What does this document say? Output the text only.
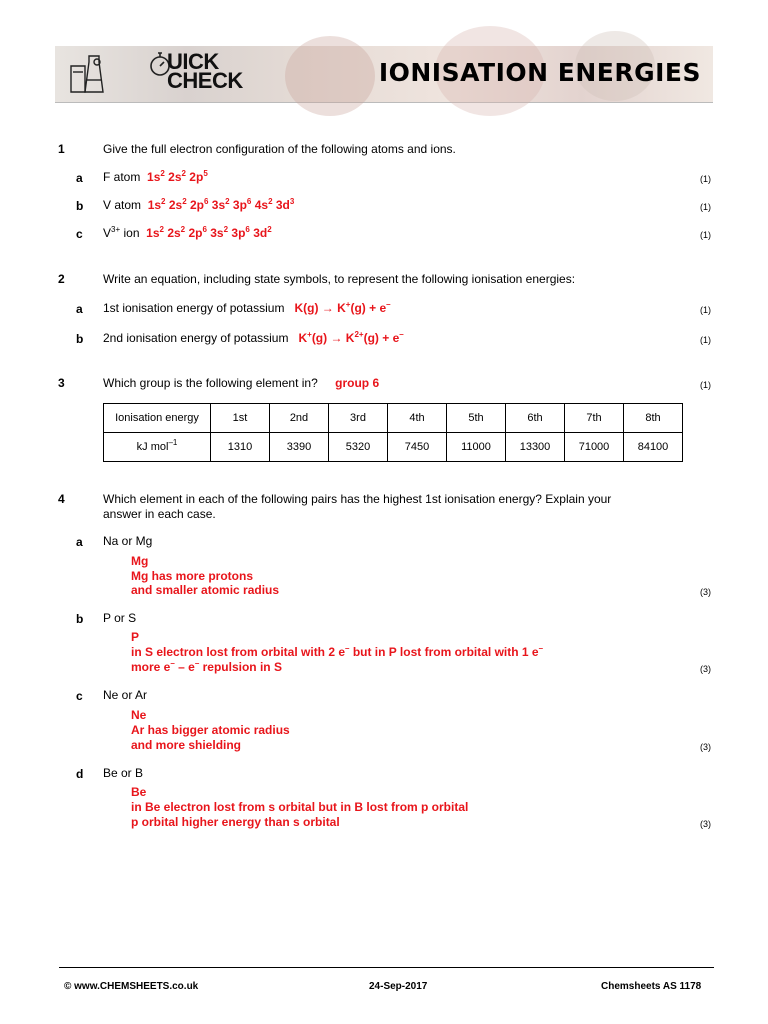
UICK
CHECK	IONISATION ENERGIES
1	Give the full electron configuration of the following atoms and ions.
a F atom  $1s^2$ $2s^2$ $2p^5$
(1)
b V atom  $1s^2$ $2s^2$ $2p^6$ $3s^2$ $3p^6$ $4s^2$ $3d^3$
(1)
c $V^{3+}$ ion  $1s^2$ $2s^2$ $2p^6$ $3s^2$ $3p^6$ $3d^2$
(1)
2	Write an equation, including state symbols, to represent the following ionisation energies:
a 1st ionisation energy of potassium   K(g) → K+(g) + e–
(1)
b 2nd ionisation energy of potassium   $K^+(g) \to K^{2+}(g) + e^-$
(1)
3	Which group is the following element in? group 6	(1)
Ionisation energy	1st	2nd	3rd	4th	5th	6th	7th	8th
kJ mol$^{-1}$	1310	3390	5320	7450	11000	13300	71000	84100
4	Which element in each of the following pairs has the highest 1st ionisation energy? Explain your
answer in each case.
a Na or Mg
Mg
Mg has more protons
and smaller atomic radius	(3)
b P or S
P
in S electron lost from orbital with 2 e– but in P lost from orbital with 1 e–
more e– – e– repulsion in S	(3)
c Ne or Ar
Ne
Ar has bigger atomic radius
and more shielding	(3)
d Be or B
Be
in Be electron lost from s orbital but in B lost from p orbital
p orbital higher energy than s orbital	(3)
© www.CHEMSHEETS.co.uk	24-Sep-2017	Chemsheets AS 1178
